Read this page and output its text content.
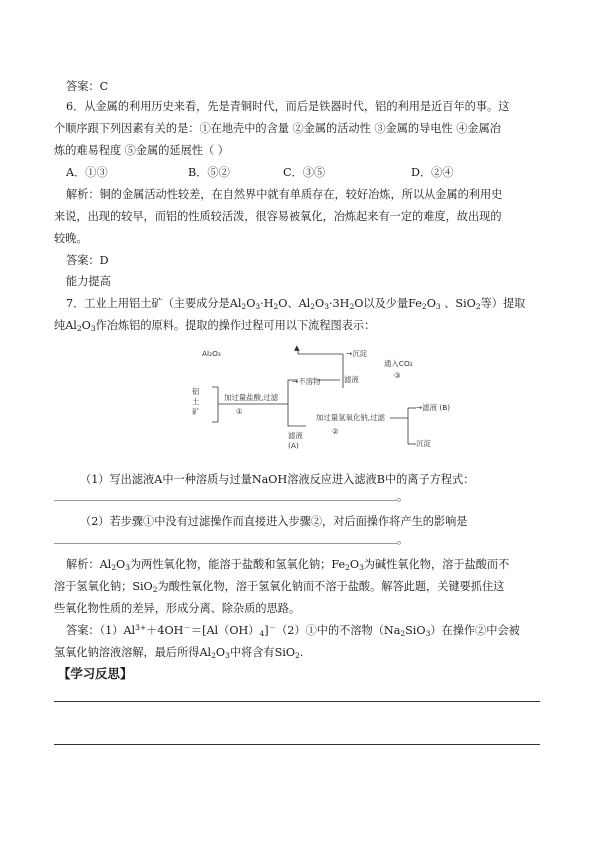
答案：C
6．从金属的利用历史来看，先是青铜时代，而后是铁器时代，铝的利用是近百年的事。这
个顺序跟下列因素有关的是：①在地壳中的含量 ②金属的活动性 ③金属的导电性 ④金属冶
炼的难易程度 ⑤金属的延展性（ ）
A．①③	B．⑤②	C．③⑤	D．②④
解析：铜的金属活动性较差，在自然界中就有单质存在，较好冶炼，所以从金属的利用史
来说，出现的较早，而铝的性质较活泼，很容易被氧化，冶炼起来有一定的难度，故出现的
较晚。
答案：D
能力提高
7．工业上用铝土矿（主要成分是$Al_2O_3\cdot H_2O$、$Al_2O_3\cdot 3H_2O$以及少量$Fe_2O_3$ 、SiO$_2$等）提取
纯$Al_2O_3$作冶炼铝的原料。提取的操作过程可用以下流程图表示：
Al₂O₃
▲
→沉淀
通入CO₂
③
滤液
→不溶物
铝
土
矿
加过量盐酸,过滤
①
加过量氢氧化钠,过滤
②
滤液
(A)
→滤液 (B)
沉淀
（1）写出滤液A中一种溶质与过量NaOH溶液反应进入滤液B中的离子方程式：
。
（2）若步骤①中没有过滤操作而直接进入步骤②，对后面操作将产生的影响是
。
解析：$Al_2O_3$为两性氧化物，能溶于盐酸和氢氧化钠；$Fe_2O_3$为碱性氧化物，溶于盐酸而不
溶于氢氧化钠；SiO$_2$为酸性氧化物，溶于氢氧化钠而不溶于盐酸。解答此题，关键要抓住这
些氧化物性质的差异，形成分离、除杂质的思路。
答案：$(1)Al^{3+}+4OH^-=[Al(OH)_4]^-(2)①$中的不溶物$(Na_2SiO_3)$在操作②中会被
氢氧化钠溶液溶解，最后所得$Al_2O_3$中将含有SiO$_2$.
【学习反思】
